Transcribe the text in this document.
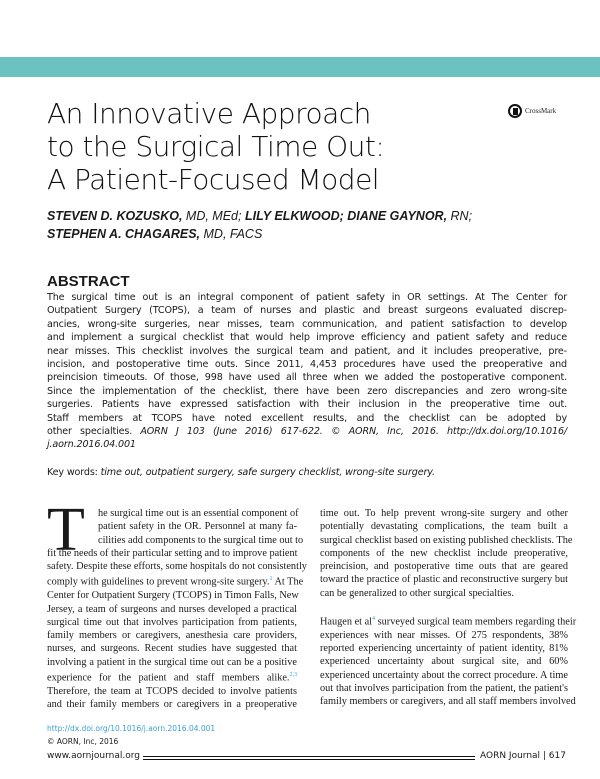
An Innovative Approach
to the Surgical Time Out:
A Patient-Focused Model
CrossMark
STEVEN D. KOZUSKO, MD, MEd; LILY ELKWOOD; DIANE GAYNOR, RN;
STEPHEN A. CHAGARES, MD, FACS
ABSTRACT
The surgical time out is an integral component of patient safety in OR settings. At The Center for
Outpatient Surgery (TCOPS), a team of nurses and plastic and breast surgeons evaluated discrep-
ancies, wrong-site surgeries, near misses, team communication, and patient satisfaction to develop
and implement a surgical checklist that would help improve efficiency and patient safety and reduce
near misses. This checklist involves the surgical team and patient, and it includes preoperative, pre-
incision, and postoperative time outs. Since 2011, 4,453 procedures have used the preoperative and
preincision timeouts. Of those, 998 have used all three when we added the postoperative component.
Since the implementation of the checklist, there have been zero discrepancies and zero wrong-site
surgeries. Patients have expressed satisfaction with their inclusion in the preoperative time out.
Staff members at TCOPS have noted excellent results, and the checklist can be adopted by
other specialties. AORN J 103 (June 2016) 617-622. © AORN, Inc, 2016. http://dx.doi.org/10.1016/
j.aorn.2016.04.001
Key words: time out, outpatient surgery, safe surgery checklist, wrong-site surgery.
T	he surgical time out is an essential component of
patient safety in the OR. Personnel at many fa-
cilities add components to the surgical time out to
fit the needs of their particular setting and to improve patient
safety. Despite these efforts, some hospitals do not consistently
comply with guidelines to prevent wrong-site surgery.$^1$ At The
Center for Outpatient Surgery (TCOPS) in Timon Falls, New
Jersey, a team of surgeons and nurses developed a practical
surgical time out that involves participation from patients,
family members or caregivers, anesthesia care providers,
nurses, and surgeons. Recent studies have suggested that
involving a patient in the surgical time out can be a positive
experience for the patient and staff members alike.$^{2,3}$
Therefore, the team at TCOPS decided to involve patients
and their family members or caregivers in a preoperative
time out. To help prevent wrong-site surgery and other
potentially devastating complications, the team built a
surgical checklist based on existing published checklists. The
components of the new checklist include preoperative,
preincision, and postoperative time outs that are geared
toward the practice of plastic and reconstructive surgery but
can be generalized to other surgical specialties.
Haugen et $al^4$ surveyed surgical team members regarding their
experiences with near misses. Of 275 respondents, 38%
reported experiencing uncertainty of patient identity, 81%
experienced uncertainty about surgical site, and 60%
experienced uncertainty about the correct procedure. A time
out that involves participation from the patient, the patient's
family members or caregivers, and all staff members involved
http://dx.doi.org/10.1016/j.aorn.2016.04.001
© AORN, Inc, 2016
www.aornjournal.org	AORN Journal | 617
